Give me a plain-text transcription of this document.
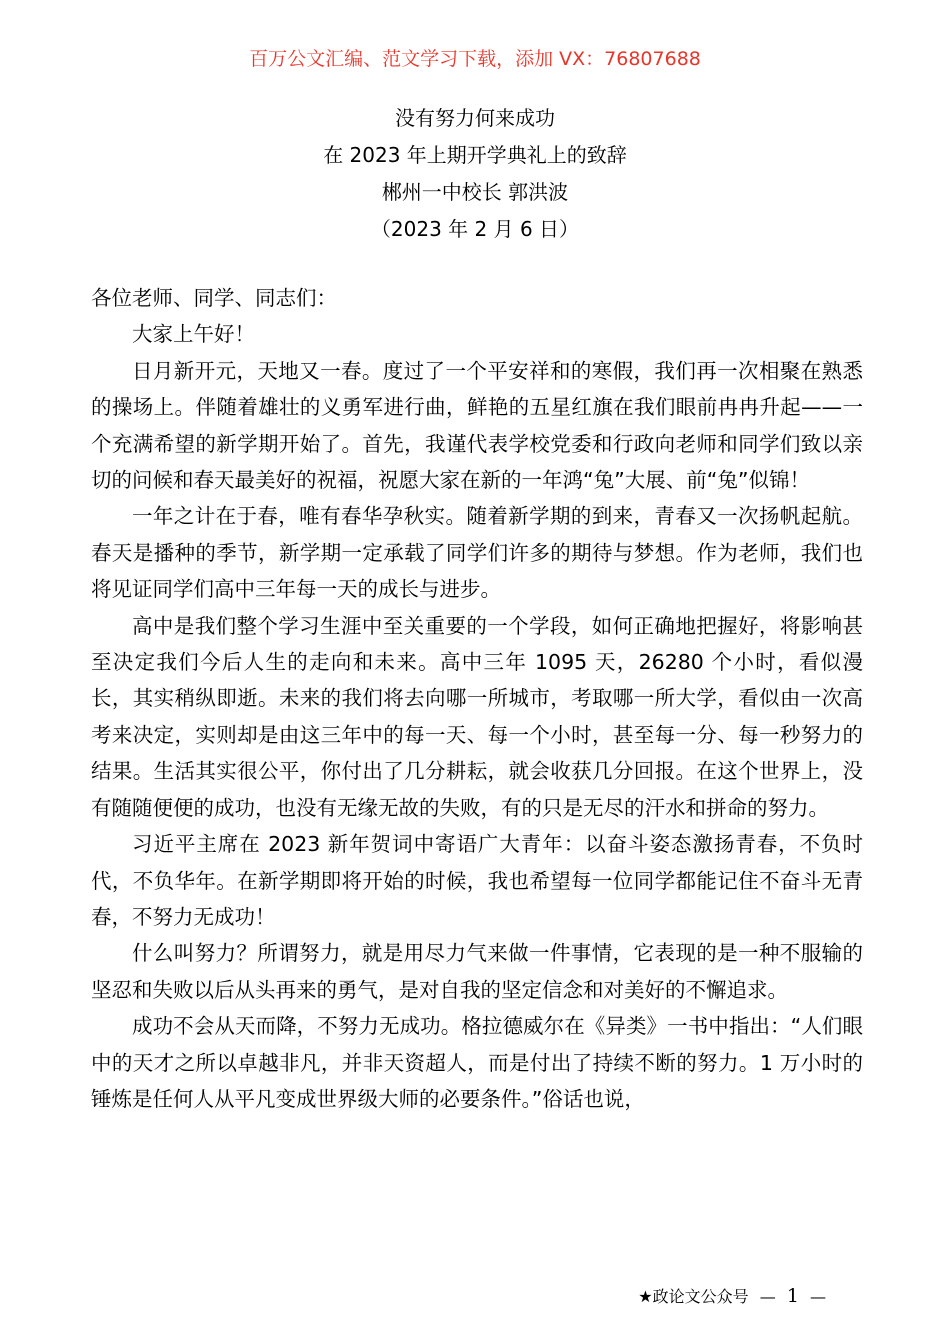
百万公文汇编、范文学习下载，添加 VX：76807688
没有努力何来成功
在 2023 年上期开学典礼上的致辞
郴州一中校长 郭洪波
（2023 年 2 月 6 日）

各位老师、同学、同志们：

大家上午好！

日月新开元，天地又一春。度过了一个平安祥和的寒假，我们再一次相聚在熟悉的操场上。伴随着雄壮的义勇军进行曲，鲜艳的五星红旗在我们眼前冉冉升起——一个充满希望的新学期开始了。首先，我谨代表学校党委和行政向老师和同学们致以亲切的问候和春天最美好的祝福，祝愿大家在新的一年鸿“兔”大展、前“兔”似锦！

一年之计在于春，唯有春华孕秋实。随着新学期的到来，青春又一次扬帆起航。春天是播种的季节，新学期一定承载了同学们许多的期待与梦想。作为老师，我们也将见证同学们高中三年每一天的成长与进步。

高中是我们整个学习生涯中至关重要的一个学段，如何正确地把握好，将影响甚至决定我们今后人生的走向和未来。高中三年 1095 天，26280 个小时，看似漫长，其实稍纵即逝。未来的我们将去向哪一所城市，考取哪一所大学，看似由一次高考来决定，实则却是由这三年中的每一天、每一个小时，甚至每一分、每一秒努力的结果。生活其实很公平，你付出了几分耕耘，就会收获几分回报。在这个世界上，没有随随便便的成功，也没有无缘无故的失败，有的只是无尽的汗水和拼命的努力。

习近平主席在 2023 新年贺词中寄语广大青年：以奋斗姿态激扬青春，不负时代，不负华年。在新学期即将开始的时候，我也希望每一位同学都能记住不奋斗无青春，不努力无成功！

什么叫努力？所谓努力，就是用尽力气来做一件事情，它表现的是一种不服输的坚忍和失败以后从头再来的勇气，是对自我的坚定信念和对美好的不懈追求。

成功不会从天而降，不努力无成功。格拉德威尔在《异类》一书中指出：“人们眼中的天才之所以卓越非凡，并非天资超人，而是付出了持续不断的努力。1 万小时的锤炼是任何人从平凡变成世界级大师的必要条件。”俗话也说，

★政论文公众号 — 1 —
